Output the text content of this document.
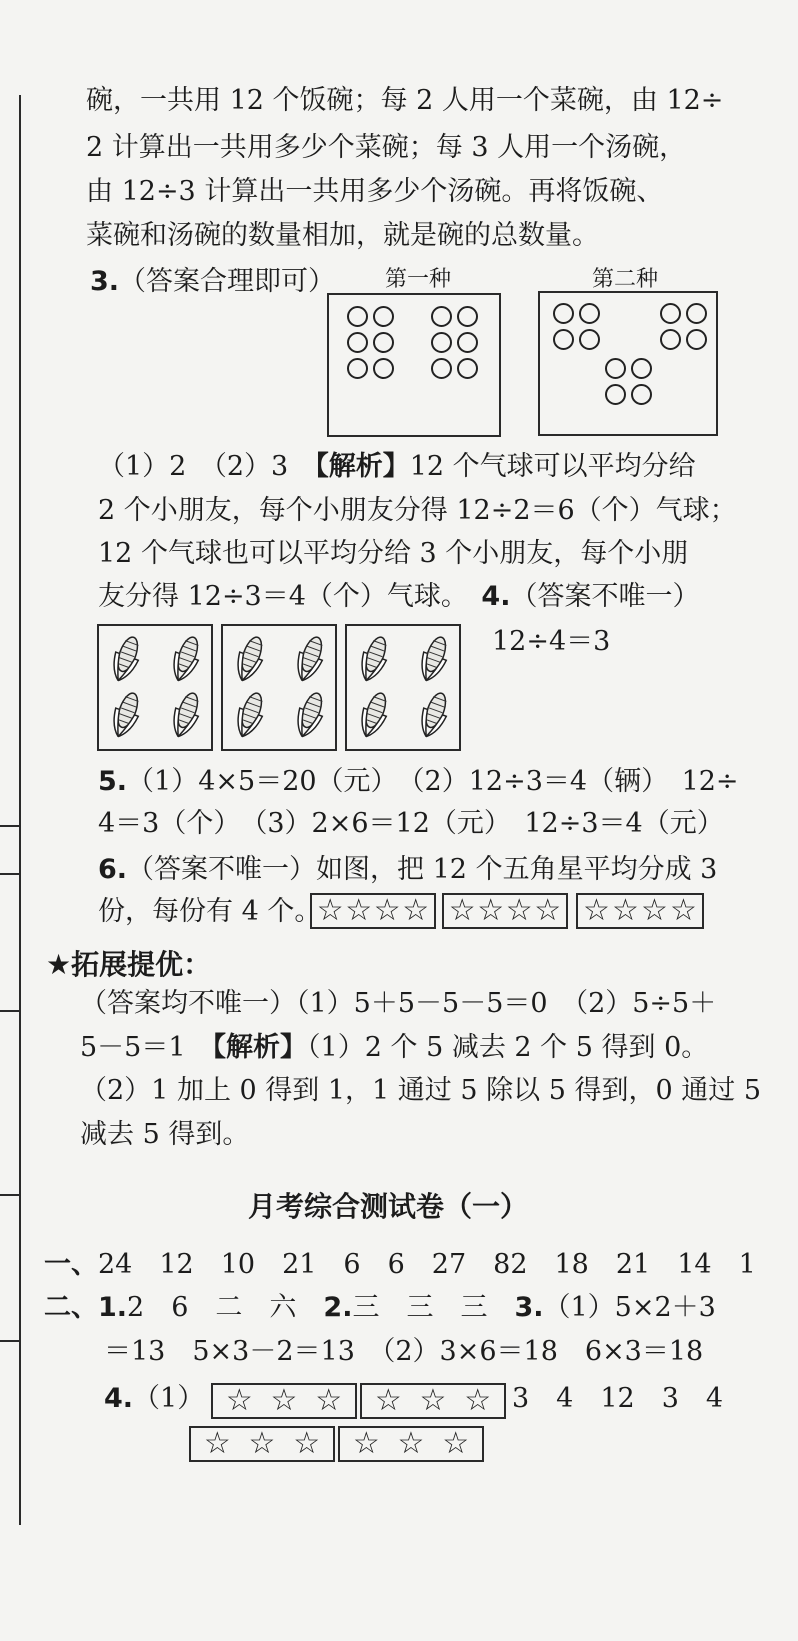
碗，一共用 12 个饭碗；每 2 人用一个菜碗，由 12÷
2 计算出一共用多少个菜碗；每 3 人用一个汤碗，
由 12÷3 计算出一共用多少个汤碗。再将饭碗、
菜碗和汤碗的数量相加，就是碗的总数量。
3.（答案合理即可） 第一种	第二种
（1）2　（2）3　【解析】12 个气球可以平均分给
2 个小朋友，每个小朋友分得 12÷2＝6（个）气球；
12 个气球也可以平均分给 3 个小朋友，每个小朋
友分得 12÷3＝4（个）气球。　 4.（答案不唯一）
12÷4＝3
5.（1）4×5＝20（元）　（2）12÷3＝4（辆）　12÷
4＝3（个）　（3）2×6＝12（元）　12÷3＝4（元）
6.（答案不唯一）如图，把 12 个五角星平均分成 3
份，每份有 4 个。
☆ ☆ ☆ ☆ ☆ ☆ ☆ ☆ ☆ ☆ ☆ ☆
★拓展提优：
（答案均不唯一）（1）5＋5－5－5＝0　（2）5÷5＋
5－5＝1　【解析】（1）2 个 5 减去 2 个 5 得到 0。
（2）1 加上 0 得到 1，1 通过 5 除以 5 得到，0 通过 5
减去 5 得到。
月考综合测试卷（一）
一、24　12　10　21　6　6　27　82　18　21　14　1
二、1.2　6　二　六　2.三　三　三　3.（1）5×2＋3
＝13　5×3－2＝13　（2）3×6＝18　6×3＝18
4.（1）	3　4　12　3　4
☆ ☆ ☆ ☆ ☆ ☆
☆ ☆ ☆ ☆ ☆ ☆
